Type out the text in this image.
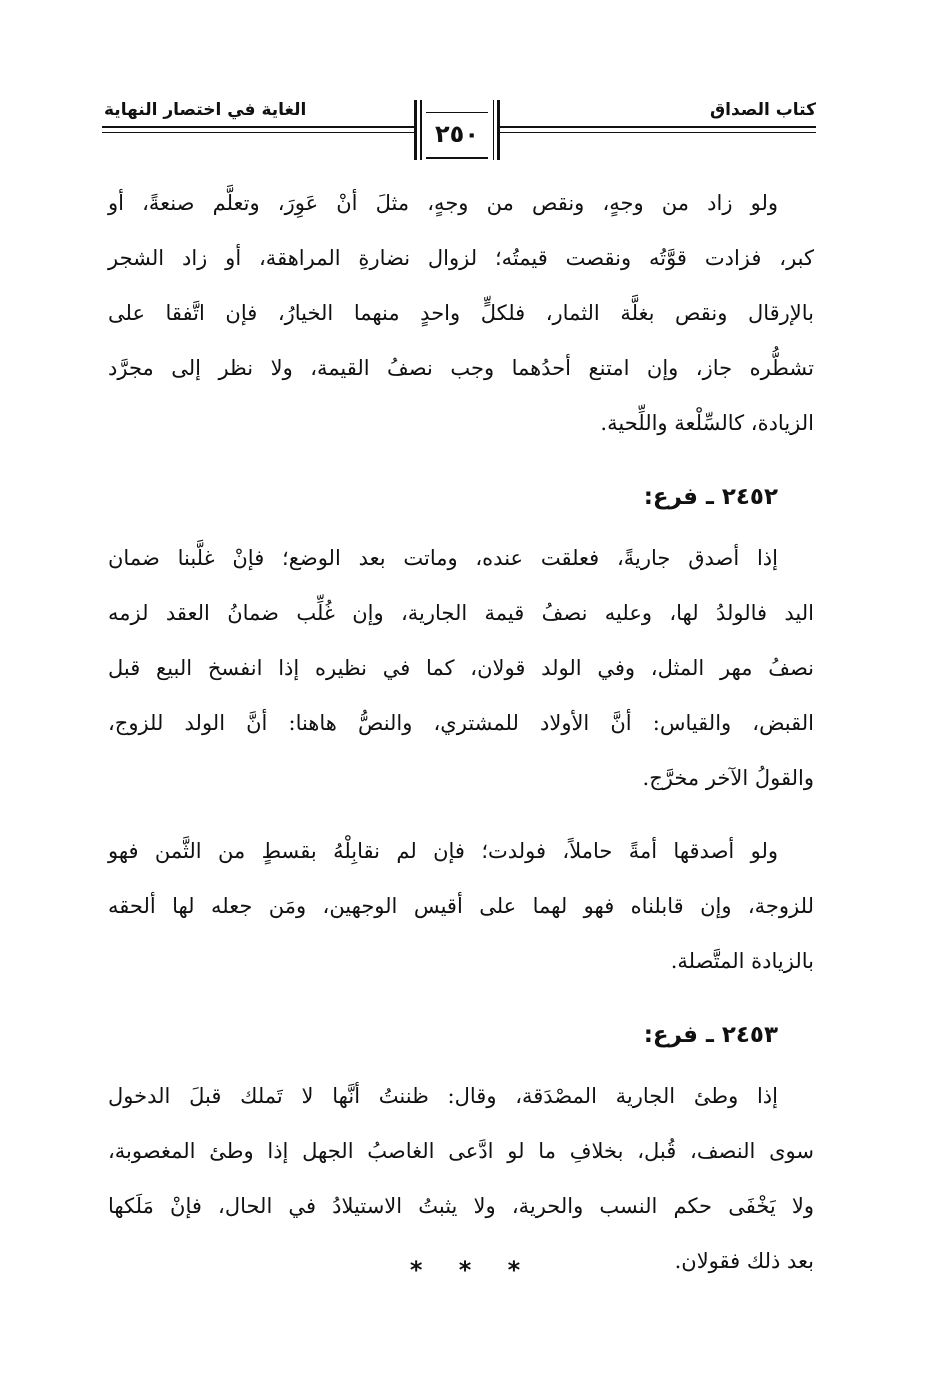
الغاية في اختصار النهاية	كتاب الصداق
٢٥٠

ولو زاد من وجهٍ، ونقص من وجهٍ، مثلَ أنْ عَوِرَ، وتعلَّم صنعةً، أو
كبر، فزادت قوَّتُه ونقصت قيمتُه؛ لزوال نضارةِ المراهقة، أو زاد الشجر
بالإرقال ونقص بغلَّة الثمار، فلكلٍّ واحدٍ منهما الخيارُ، فإن اتَّفقا على
تشطُّره جاز، وإن امتنع أحدُهما وجب نصفُ القيمة، ولا نظر إلى مجرَّد
الزيادة، كالسِّلْعة واللِّحية.

٢٤٥٢ ـ فرع:

إذا أصدق جاريةً، فعلقت عنده، وماتت بعد الوضع؛ فإنْ غلَّبنا ضمان
اليد فالولدُ لها، وعليه نصفُ قيمة الجارية، وإن غُلِّب ضمانُ العقد لزمه
نصفُ مهر المثل، وفي الولد قولان، كما في نظيره إذا انفسخ البيع قبل
القبض، والقياس: أنَّ الأولاد للمشتري، والنصُّ هاهنا: أنَّ الولد للزوج،
والقولُ الآخر مخرَّج.

ولو أصدقها أمةً حاملاً، فولدت؛ فإن لم نقابِلْهُ بقسطٍ من الثَّمن فهو
للزوجة، وإن قابلناه فهو لهما على أقيس الوجهين، ومَن جعله لها ألحقه
بالزيادة المتَّصلة.

٢٤٥٣ ـ فرع:

إذا وطئ الجارية المصْدَقة، وقال: ظننتُ أنَّها لا تَملك قبلَ الدخول
سوى النصف، قُبل، بخلافِ ما لو ادَّعى الغاصبُ الجهل إذا وطئ المغصوبة،
ولا يَخْفَى حكم النسب والحرية، ولا يثبتُ الاستيلادُ في الحال، فإنْ مَلَكها
بعد ذلك فقولان.

* * *
